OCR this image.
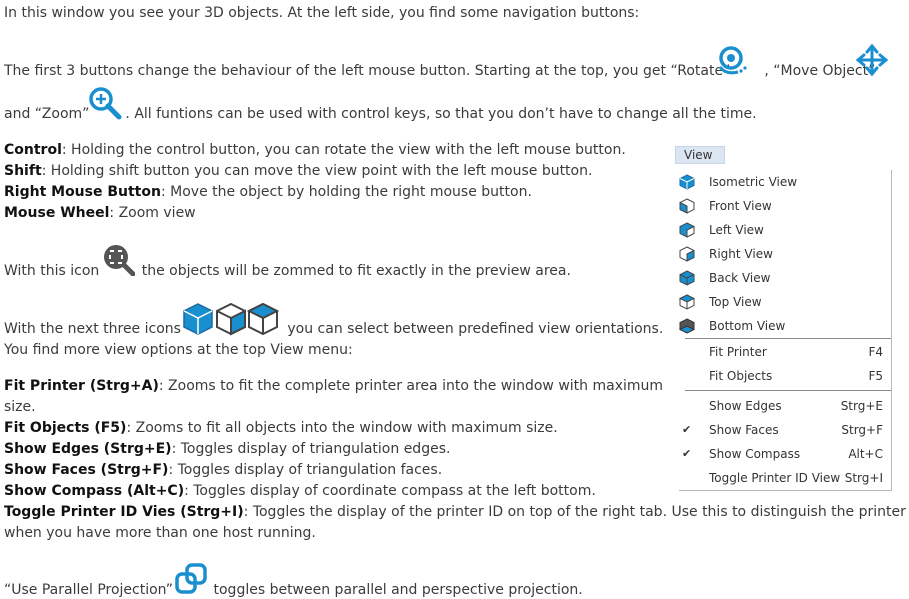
In this window you see your 3D objects. At the left side, you find some navigation buttons:
The first 3 buttons change the behaviour of the left mouse button. Starting at the top, you get “Rotate” , “Move Object”
and “Zoom”	. All funtions can be used with control keys, so that you don’t have to change all the time.
Control: Holding the control button, you can rotate the view with the left mouse button.
Shift: Holding shift button you can move the view point with the left mouse button.
Right Mouse Button: Move the object by holding the right mouse button.
Mouse Wheel: Zoom view
With this icon	the objects will be zommed to fit exactly in the preview area.
With the next three icons	you can select between predefined view orientations.
You find more view options at the top View menu:
Fit Printer (Strg+A): Zooms to fit the complete printer area into the window with maximum
size.
Fit Objects (F5): Zooms to fit all objects into the window with maximum size.
Show Edges (Strg+E): Toggles display of triangulation edges.
Show Faces (Strg+F): Toggles display of triangulation faces.
Show Compass (Alt+C): Toggles display of coordinate compass at the left bottom.
Toggle Printer ID Vies (Strg+I): Toggles the display of the printer ID on top of the right tab. Use this to distinguish the printer
when you have more than one host running.
“Use Parallel Projection”	toggles between parallel and perspective projection.
View
Isometric View
Front View
Left View
Right View
Back View
Top View
Bottom View
Fit Printer	F4
Fit Objects	F5
Show Edges	Strg+E
✔ Show Faces	Strg+F
✔ Show Compass	Alt+C
Toggle Printer ID View Strg+I
